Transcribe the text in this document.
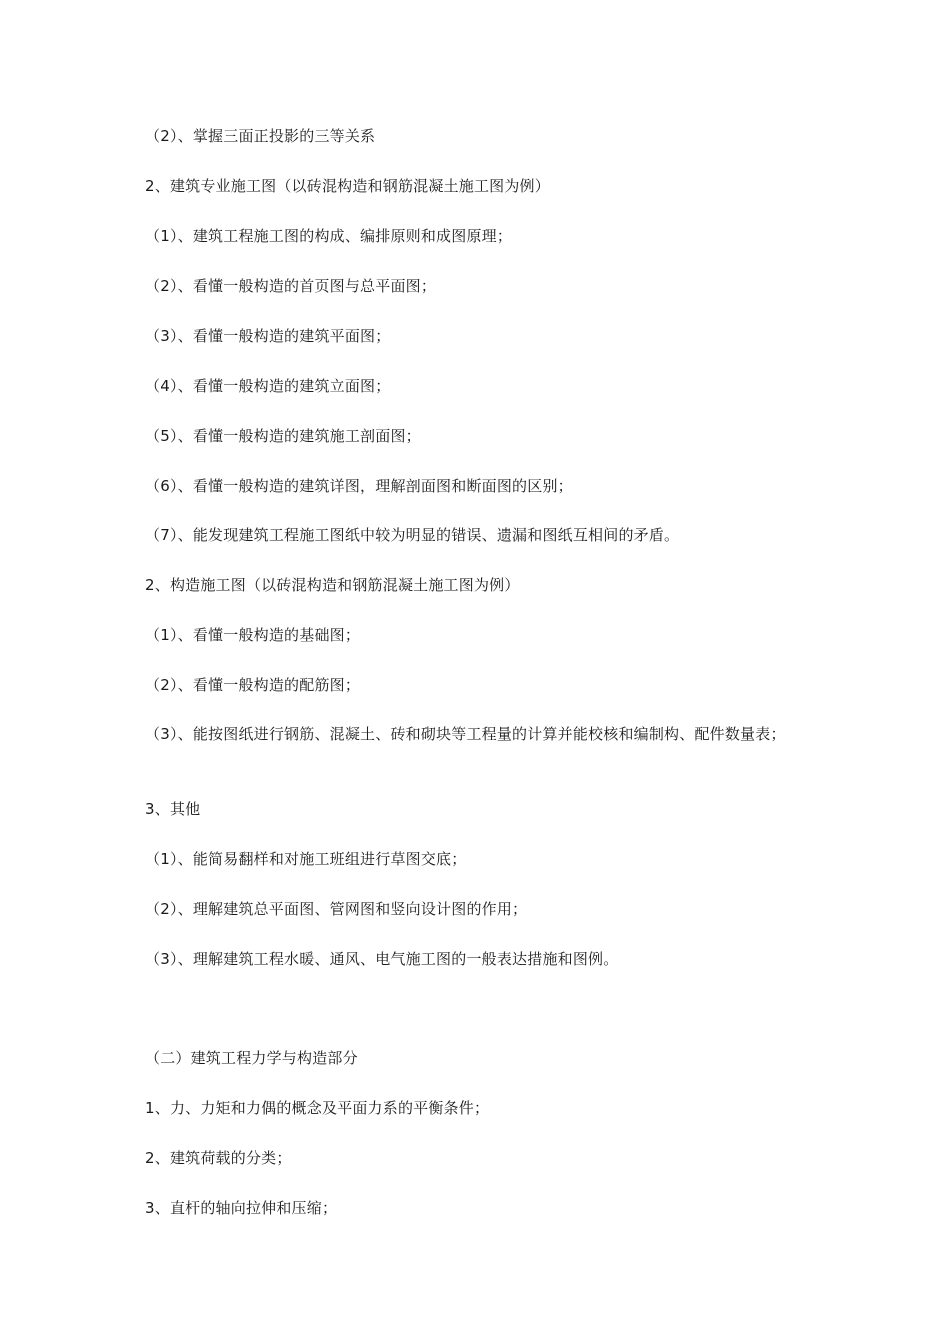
（2）、掌握三面正投影的三等关系
2、建筑专业施工图（以砖混构造和钢筋混凝土施工图为例）
（1）、建筑工程施工图的构成、编排原则和成图原理；
（2）、看懂一般构造的首页图与总平面图；
（3）、看懂一般构造的建筑平面图；
（4）、看懂一般构造的建筑立面图；
（5）、看懂一般构造的建筑施工剖面图；
（6）、看懂一般构造的建筑详图，理解剖面图和断面图的区别；
（7）、能发现建筑工程施工图纸中较为明显的错误、遗漏和图纸互相间的矛盾。
2、构造施工图（以砖混构造和钢筋混凝土施工图为例）
（1）、看懂一般构造的基础图；
（2）、看懂一般构造的配筋图；
（3）、能按图纸进行钢筋、混凝土、砖和砌块等工程量的计算并能校核和编制构、配件数量表；
3、其他
（1）、能简易翻样和对施工班组进行草图交底；
（2）、理解建筑总平面图、管网图和竖向设计图的作用；
（3）、理解建筑工程水暖、通风、电气施工图的一般表达措施和图例。
（二）建筑工程力学与构造部分
1、力、力矩和力偶的概念及平面力系的平衡条件；
2、建筑荷载的分类；
3、直杆的轴向拉伸和压缩；
